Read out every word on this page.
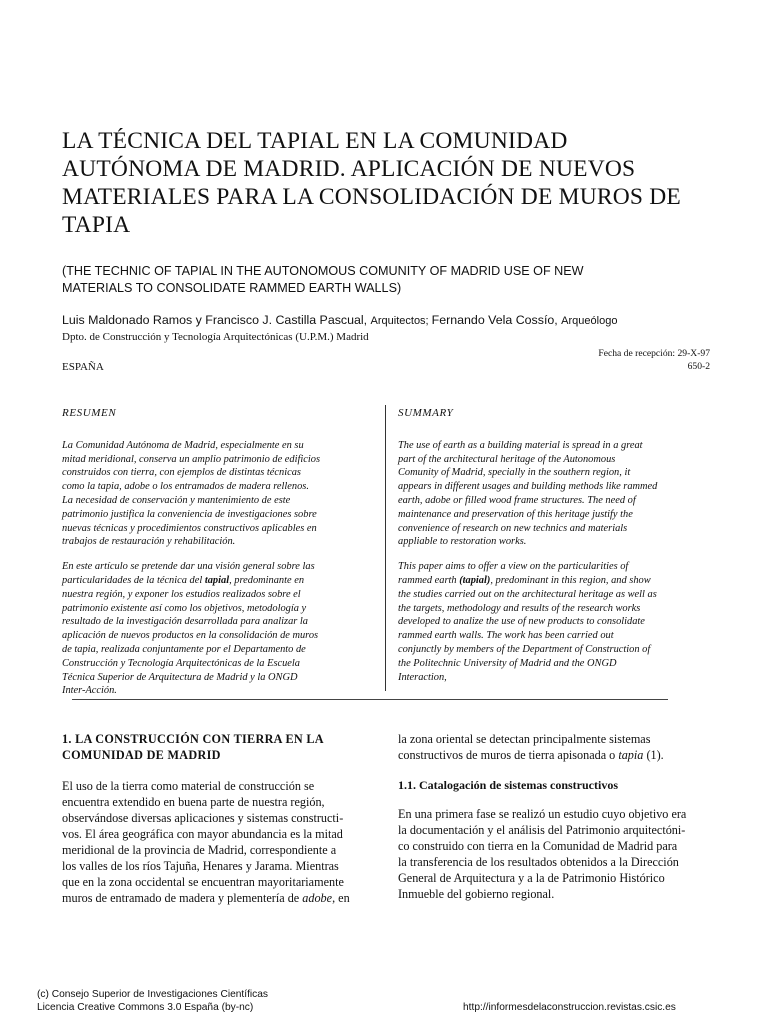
LA TÉCNICA DEL TAPIAL EN LA COMUNIDAD
AUTÓNOMA DE MADRID. APLICACIÓN DE NUEVOS
MATERIALES PARA LA CONSOLIDACIÓN DE MUROS DE
TAPIA
(THE TECHNIC OF TAPIAL IN THE AUTONOMOUS COMUNITY OF MADRID USE OF NEW
MATERIALS TO CONSOLIDATE RAMMED EARTH WALLS)
Luis Maldonado Ramos y Francisco J. Castilla Pascual, Arquitectos; Fernando Vela Cossío, Arqueólogo
Dpto. de Construcción y Tecnología Arquitectónicas (U.P.M.) Madrid
Fecha de recepción: 29-X-97
650-2
ESPAÑA
RESUMEN

La Comunidad Autónoma de Madrid, especialmente en su
mitad meridional, conserva un amplio patrimonio de edificios
construidos con tierra, con ejemplos de distintas técnicas
como la tapia, adobe o los entramados de madera rellenos.
La necesidad de conservación y mantenimiento de este
patrimonio justifica la conveniencia de investigaciones sobre
nuevas técnicas y procedimientos constructivos aplicables en
trabajos de restauración y rehabilitación.

En este artículo se pretende dar una visión general sobre las
particularidades de la técnica del tapial, predominante en
nuestra región, y exponer los estudios realizados sobre el
patrimonio existente así como los objetivos, metodología y
resultado de la investigación desarrollada para analizar la
aplicación de nuevos productos en la consolidación de muros
de tapia, realizada conjuntamente por el Departamento de
Construcción y Tecnología Arquitectónicas de la Escuela
Técnica Superior de Arquitectura de Madrid y la ONGD
Inter-Acción.

SUMMARY

The use of earth as a building material is spread in a great
part of the architectural heritage of the Autonomous
Comunity of Madrid, specially in the southern region, it
appears in different usages and building methods like rammed
earth, adobe or filled wood frame structures. The need of
maintenance and preservation of this heritage justify the
convenience of research on new technics and materials
appliable to restoration works.

This paper aims to offer a view on the particularities of
rammed earth (tapial), predominant in this region, and show
the studies carried out on the architectural heritage as well as
the targets, methodology and results of the research works
developed to analize the use of new products to consolidate
rammed earth walls. The work has been carried out
conjunctly by members of the Department of Construction of
the Politechnic University of Madrid and the ONGD
Interaction,

1. LA CONSTRUCCIÓN CON TIERRA EN LA
COMUNIDAD DE MADRID
El uso de la tierra como material de construcción se
encuentra extendido en buena parte de nuestra región,
observándose diversas aplicaciones y sistemas constructi-
vos. El área geográfica con mayor abundancia es la mitad
meridional de la provincia de Madrid, correspondiente a
los valles de los ríos Tajuña, Henares y Jarama. Mientras
que en la zona occidental se encuentran mayoritariamente
muros de entramado de madera y plementería de adobe, en
la zona oriental se detectan principalmente sistemas
constructivos de muros de tierra apisonada o tapia (1).
1.1. Catalogación de sistemas constructivos
En una primera fase se realizó un estudio cuyo objetivo era
la documentación y el análisis del Patrimonio arquitectóni-
co construido con tierra en la Comunidad de Madrid para
la transferencia de los resultados obtenidos a la Dirección
General de Arquitectura y a la de Patrimonio Histórico
Inmueble del gobierno regional.
(c) Consejo Superior de Investigaciones Científicas
Licencia Creative Commons 3.0 España (by-nc)	http://informesdelaconstruccion.revistas.csic.es
